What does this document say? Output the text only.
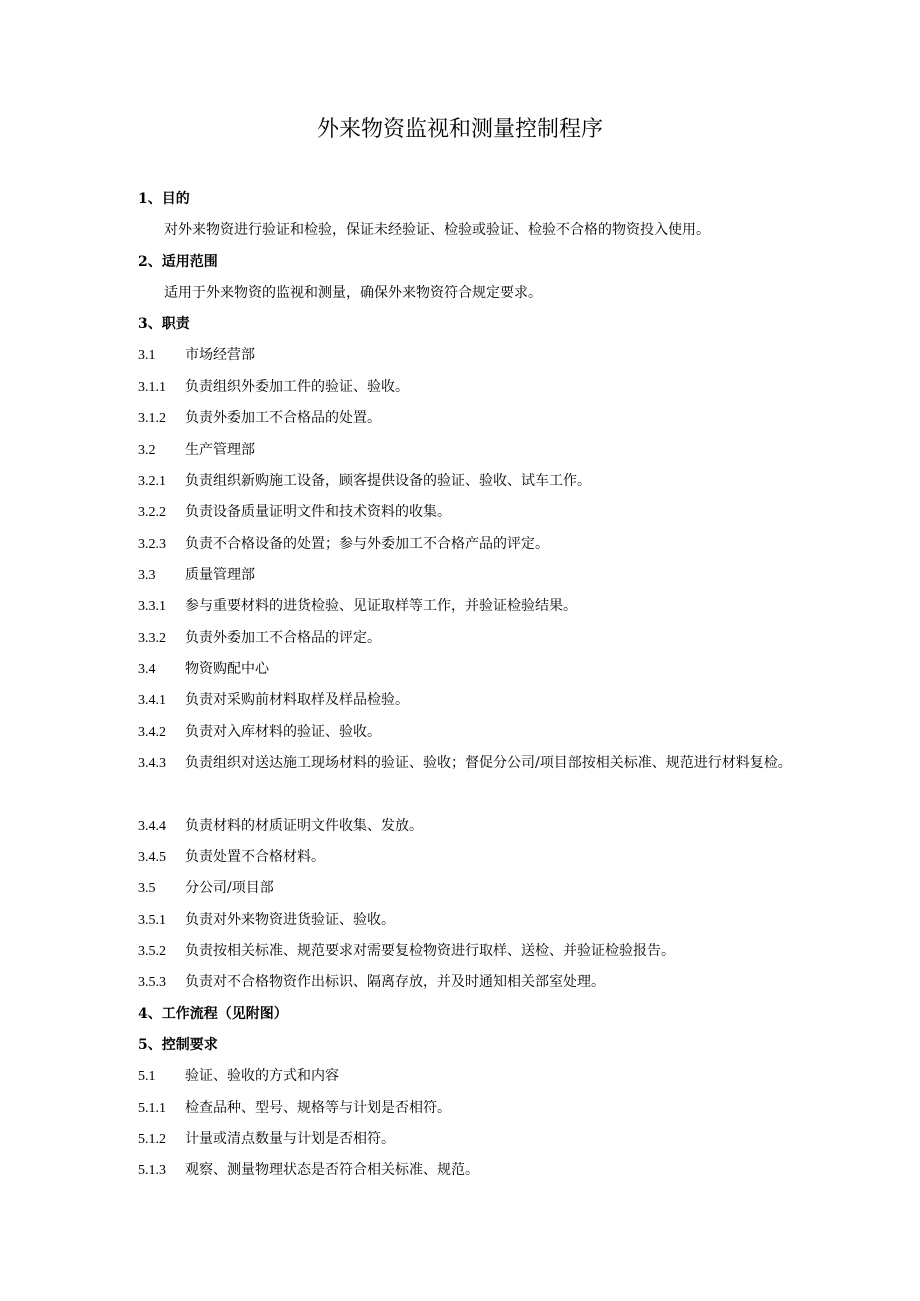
外来物资监视和测量控制程序
1、目的
对外来物资进行验证和检验，保证未经验证、检验或验证、检验不合格的物资投入使用。
2、适用范围
适用于外来物资的监视和测量，确保外来物资符合规定要求。
3、职责
3.1 市场经营部
3.1.1 负责组织外委加工件的验证、验收。
3.1.2 负责外委加工不合格品的处置。
3.2 生产管理部
3.2.1 负责组织新购施工设备，顾客提供设备的验证、验收、试车工作。
3.2.2 负责设备质量证明文件和技术资料的收集。
3.2.3 负责不合格设备的处置；参与外委加工不合格产品的评定。
3.3 质量管理部
3.3.1 参与重要材料的进货检验、见证取样等工作，并验证检验结果。
3.3.2 负责外委加工不合格品的评定。
3.4 物资购配中心
3.4.1 负责对采购前材料取样及样品检验。
3.4.2 负责对入库材料的验证、验收。
3.4.3 负责组织对送达施工现场材料的验证、验收；督促分公司/项目部按相关标准、规范进行材料复检。
3.4.4 负责材料的材质证明文件收集、发放。
3.4.5 负责处置不合格材料。
3.5 分公司/项目部
3.5.1 负责对外来物资进货验证、验收。
3.5.2 负责按相关标准、规范要求对需要复检物资进行取样、送检、并验证检验报告。
3.5.3 负责对不合格物资作出标识、隔离存放，并及时通知相关部室处理。
4、工作流程（见附图）
5、控制要求
5.1 验证、验收的方式和内容
5.1.1 检查品种、型号、规格等与计划是否相符。
5.1.2 计量或清点数量与计划是否相符。
5.1.3 观察、测量物理状态是否符合相关标准、规范。
